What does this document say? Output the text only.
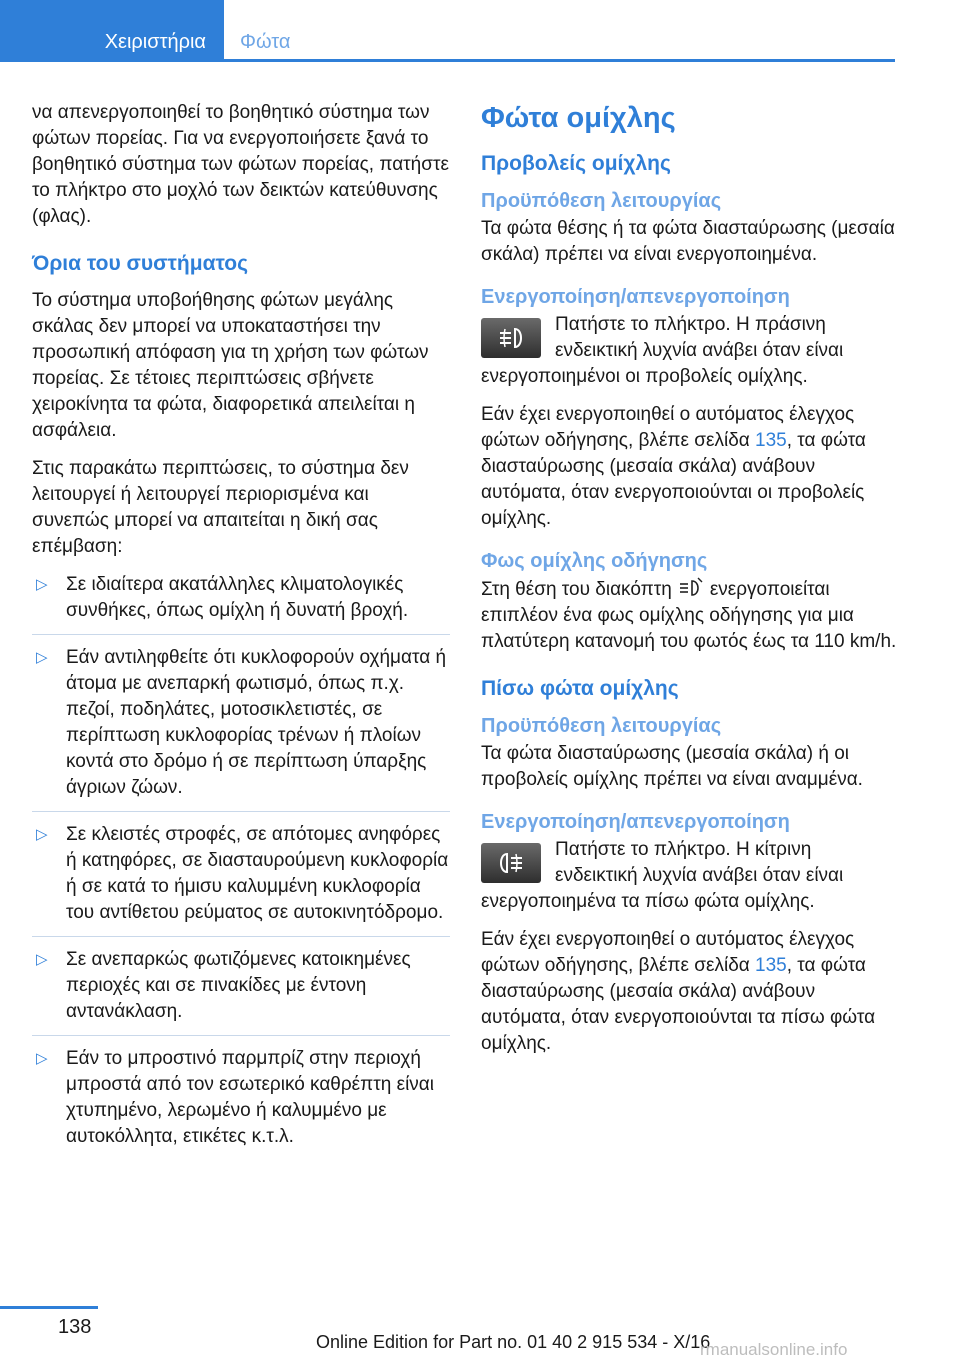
Χειριστήρια	Φώτα

να απενεργοποιηθεί το βοηθητικό σύστημα των φώτων πορείας. Για να ενεργοποιήσετε ξανά το βοηθητικό σύστημα των φώτων πορείας, πατήστε το πλήκτρο στο μοχλό των δεικτών κατεύθυνσης (φλας).

Όρια του συστήματος

Το σύστημα υποβοήθησης φώτων μεγάλης σκάλας δεν μπορεί να υποκαταστήσει την προσωπική απόφαση για τη χρήση των φώτων πορείας. Σε τέτοιες περιπτώσεις σβήνετε χειροκίνητα τα φώτα, διαφορετικά απειλείται η ασφάλεια.

Στις παρακάτω περιπτώσεις, το σύστημα δεν λειτουργεί ή λειτουργεί περιορισμένα και συνεπώς μπορεί να απαιτείται η δική σας επέμβαση:

▷ Σε ιδιαίτερα ακατάλληλες κλιματολογικές συνθήκες, όπως ομίχλη ή δυνατή βροχή.
▷ Εάν αντιληφθείτε ότι κυκλοφορούν οχήματα ή άτομα με ανεπαρκή φωτισμό, όπως π.χ. πεζοί, ποδηλάτες, μοτοσικλετιστές, σε περίπτωση κυκλοφορίας τρένων ή πλοίων κοντά στο δρόμο ή σε περίπτωση ύπαρξης άγριων ζώων.
▷ Σε κλειστές στροφές, σε απότομες ανηφόρες ή κατηφόρες, σε διασταυρούμενη κυκλοφορία ή σε κατά το ήμισυ καλυμμένη κυκλοφορία του αντίθετου ρεύματος σε αυτοκινητόδρομο.
▷ Σε ανεπαρκώς φωτιζόμενες κατοικημένες περιοχές και σε πινακίδες με έντονη αντανάκλαση.
▷ Εάν το μπροστινό παρμπρίζ στην περιοχή μπροστά από τον εσωτερικό καθρέπτη είναι χτυπημένο, λερωμένο ή καλυμμένο με αυτοκόλλητα, ετικέτες κ.τ.λ.
Φώτα ομίχλης
Προβολείς ομίχλης
Προϋπόθεση λειτουργίας

Τα φώτα θέσης ή τα φώτα διασταύρωσης (μεσαία σκάλα) πρέπει να είναι ενεργοποιημένα.

Ενεργοποίηση/απενεργοποίηση

Πατήστε το πλήκτρο. Η πράσινη ενδεικτική λυχνία ανάβει όταν είναι ενεργοποιημένοι οι προβολείς ομίχλης.

Εάν έχει ενεργοποιηθεί ο αυτόματος έλεγχος φώτων οδήγησης, βλέπε σελίδα 135, τα φώτα διασταύρωσης (μεσαία σκάλα) ανάβουν αυτόματα, όταν ενεργοποιούνται οι προβολείς ομίχλης.

Φως ομίχλης οδήγησης

Στη θέση του διακόπτη ενεργοποιείται επιπλέον ένα φως ομίχλης οδήγησης για μια πλατύτερη κατανομή του φωτός έως τα 110 km/h.

Πίσω φώτα ομίχλης
Προϋπόθεση λειτουργίας

Τα φώτα διασταύρωσης (μεσαία σκάλα) ή οι προβολείς ομίχλης πρέπει να είναι αναμμένα.

Ενεργοποίηση/απενεργοποίηση

Πατήστε το πλήκτρο. Η κίτρινη ενδεικτική λυχνία ανάβει όταν είναι ενεργοποιημένα τα πίσω φώτα ομίχλης.

Εάν έχει ενεργοποιηθεί ο αυτόματος έλεγχος φώτων οδήγησης, βλέπε σελίδα 135, τα φώτα διασταύρωσης (μεσαία σκάλα) ανάβουν αυτόματα, όταν ενεργοποιούνται τα πίσω φώτα ομίχλης.

138
Online Edition for Part no. 01 40 2 915 534 - X/16
rmanualsonline.info
